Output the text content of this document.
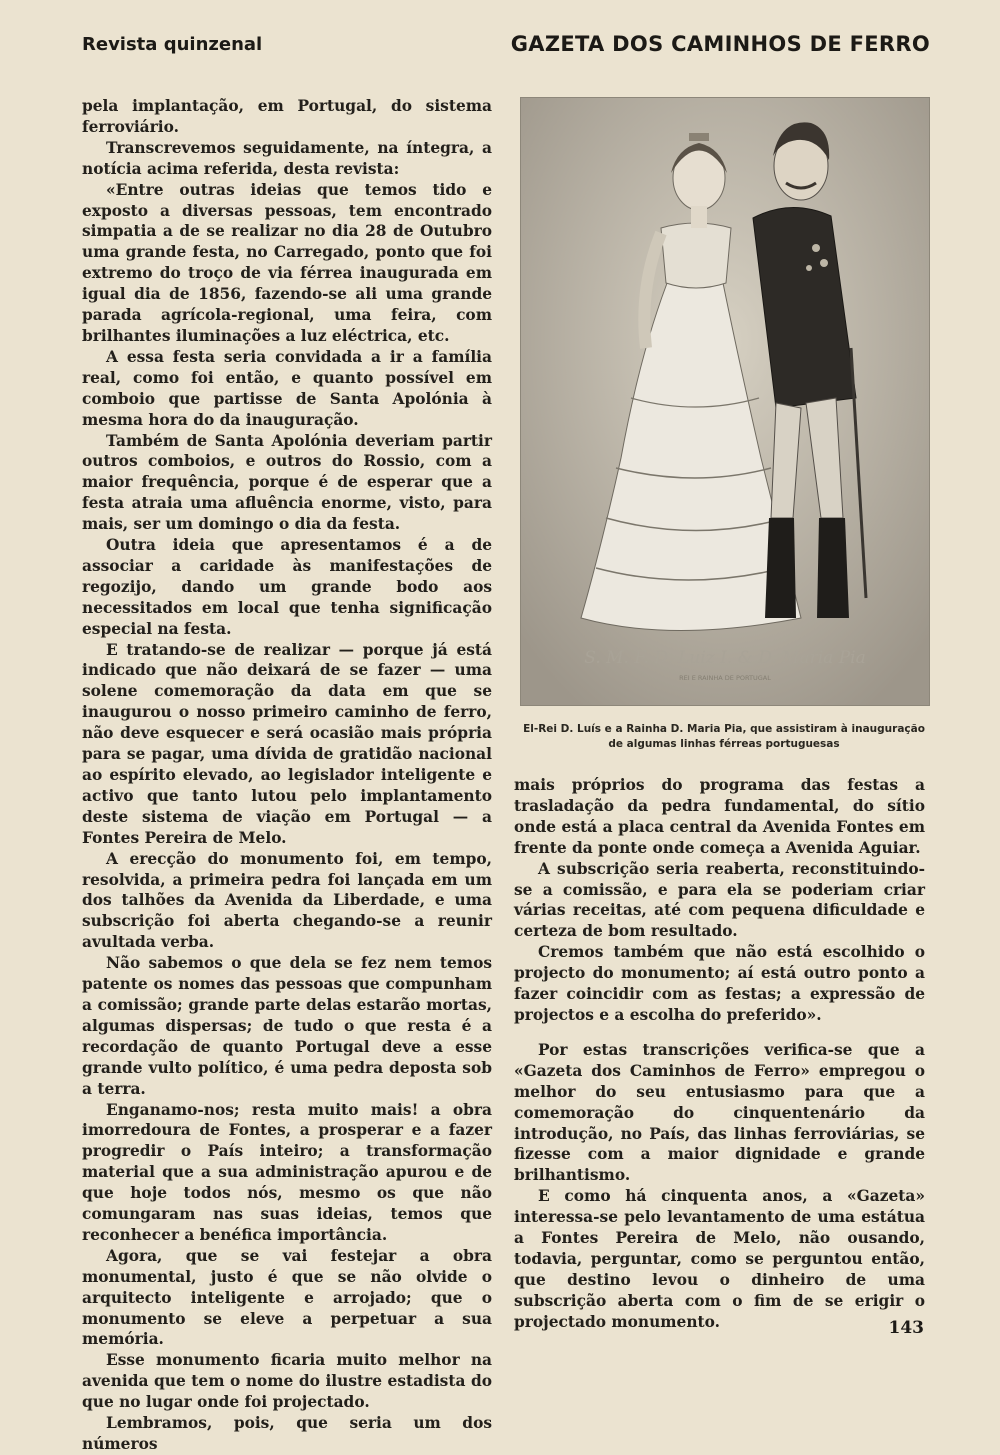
Revista quinzenal	GAZETA DOS CAMINHOS DE FERRO

pela implantação, em Portugal, do sistema ferroviário.

Transcrevemos seguidamente, na íntegra, a notícia acima referida, desta revista:

«Entre outras ideias que temos tido e exposto a diversas pessoas, tem encontrado simpatia a de se realizar no dia 28 de Outubro uma grande festa, no Carregado, ponto que foi extremo do troço de via férrea inaugurada em igual dia de 1856, fazendo-se ali uma grande parada agrícola-regional, uma feira, com brilhantes iluminações a luz eléctrica, etc.

A essa festa seria convidada a ir a família real, como foi então, e quanto possível em comboio que partisse de Santa Apolónia à mesma hora do da inauguração.

Também de Santa Apolónia deveriam partir outros comboios, e outros do Rossio, com a maior frequência, porque é de esperar que a festa atraia uma afluência enorme, visto, para mais, ser um domingo o dia da festa.

Outra ideia que apresentamos é a de associar a caridade às manifestações de regozijo, dando um grande bodo aos necessitados em local que tenha significação especial na festa.

E tratando-se de realizar — porque já está indicado que não deixará de se fazer — uma solene comemoração da data em que se inaugurou o nosso primeiro caminho de ferro, não deve esquecer e será ocasião mais própria para se pagar, uma dívida de gratidão nacional ao espírito elevado, ao legislador inteligente e activo que tanto lutou pelo implantamento deste sistema de viação em Portugal — a Fontes Pereira de Melo.

A erecção do monumento foi, em tempo, resolvida, a primeira pedra foi lançada em um dos talhões da Avenida da Liberdade, e uma subscrição foi aberta chegando-se a reunir avultada verba.

Não sabemos o que dela se fez nem temos patente os nomes das pessoas que compunham a comissão; grande parte delas estarão mortas, algumas dispersas; de tudo o que resta é a recordação de quanto Portugal deve a esse grande vulto político, é uma pedra deposta sob a terra.

Enganamo-nos; resta muito mais! a obra imorredoura de Fontes, a prosperar e a fazer progredir o País inteiro; a transformação material que a sua administração apurou e de que hoje todos nós, mesmo os que não comungaram nas suas ideias, temos que reconhecer a benéfica importância.

Agora, que se vai festejar a obra monumental, justo é que se não olvide o arquitecto inteligente e arrojado; que o monumento se eleve a perpetuar a sua memória.

Esse monumento ficaria muito melhor na avenida que tem o nome do ilustre estadista do que no lugar onde foi projectado.

Lembramos, pois, que seria um dos números

S. M. F. D. Luiz I. & D. Maria Pia
REI E RAINHA DE PORTUGAL
El-Rei D. Luís e a Rainha D. Maria Pia, que assistiram à inauguração
de algumas linhas férreas portuguesas

mais próprios do programa das festas a trasladação da pedra fundamental, do sítio onde está a placa central da Avenida Fontes em frente da ponte onde começa a Avenida Aguiar.

A subscrição seria reaberta, reconstituindo-se a comissão, e para ela se poderiam criar várias receitas, até com pequena dificuldade e certeza de bom resultado.

Cremos também que não está escolhido o projecto do monumento; aí está outro ponto a fazer coincidir com as festas; a expressão de projectos e a escolha do preferido».

Por estas transcrições verifica-se que a «Gazeta dos Caminhos de Ferro» empregou o melhor do seu entusiasmo para que a comemoração do cinquentenário da introdução, no País, das linhas ferroviárias, se fizesse com a maior dignidade e grande brilhantismo.

E como há cinquenta anos, a «Gazeta» interessa-se pelo levantamento de uma estátua a Fontes Pereira de Melo, não ousando, todavia, perguntar, como se perguntou então, que destino levou o dinheiro de uma subscrição aberta com o fim de se erigir o projectado monumento.	143
